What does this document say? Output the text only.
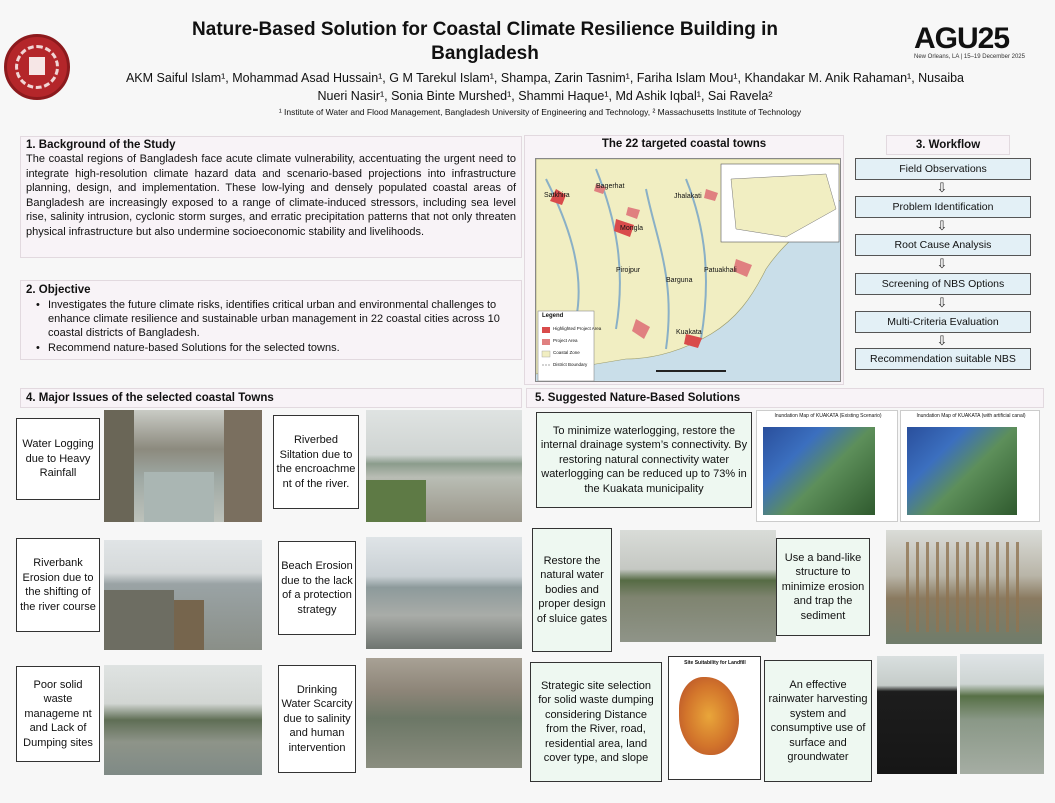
AGU25
New Orleans, LA | 15–19 December 2025
Nature-Based Solution for Coastal Climate Resilience Building in Bangladesh
AKM Saiful Islam¹, Mohammad Asad Hussain¹, G M Tarekul Islam¹, Shampa, Zarin Tasnim¹, Fariha Islam Mou¹, Khandakar M. Anik Rahaman¹, Nusaiba
Nueri Nasir¹, Sonia Binte Murshed¹, Shammi Haque¹, Md Ashik Iqbal¹, Sai Ravela²
¹ Institute of Water and Flood Management, Bangladesh University of Engineering and Technology, ² Massachusetts Institute of Technology
1. Background of the Study
The coastal regions of Bangladesh face acute climate vulnerability, accentuating the urgent need to integrate high-resolution climate hazard data and scenario-based projections into infrastructure planning, design, and implementation. These low-lying and densely populated coastal areas of Bangladesh are increasingly exposed to a range of climate-induced stressors, including sea level rise, salinity intrusion, cyclonic storm surges, and erratic precipitation patterns that not only threaten physical infrastructure but also undermine socioeconomic stability and livelihoods.
2. Objective
• Investigates the future climate risks, identifies critical urban and environmental challenges to enhance climate resilience and sustainable urban management in 22 coastal cities across 10 coastal districts of Bangladesh.
• Recommend nature-based Solutions for the selected towns.
The 22 targeted coastal towns
Legend
Highlighted Project Area
Project Area
Coastal Zone
District Boundary
Satkhira
Bagerhat
Mongla
Jhalakati
Pirojpur
Barguna
Patuakhali
Kuakata
3. Workflow
Field Observations
⇩
Problem Identification
⇩
Root Cause Analysis
⇩
Screening of NBS Options
⇩
Multi-Criteria Evaluation
⇩
Recommendation suitable NBS
4. Major Issues of the selected coastal Towns	5. Suggested Nature-Based Solutions
Water Logging due to Heavy Rainfall
Riverbed Siltation due to the encroachme nt of the river.
Riverbank Erosion due to the shifting of the river course
Beach Erosion due to the lack of a protection strategy
Poor solid waste manageme nt and Lack of Dumping sites
Drinking Water Scarcity due to salinity and human intervention
To minimize waterlogging, restore the internal drainage system’s connectivity. By restoring natural connectivity water waterlogging can be reduced up to 73% in the Kuakata municipality
Inundation Map of KUAKATA (Existing Scenario)	Inundation Map of KUAKATA (with artificial canal)
Restore the natural water bodies and proper design of sluice gates
Use a band-like structure to minimize erosion and trap the sediment
Strategic site selection for solid waste dumping considering Distance from the River, road, residential area, land cover type, and slope
Site Suitability for Landfill
An effective rainwater harvesting system and consumptive use of surface and groundwater
